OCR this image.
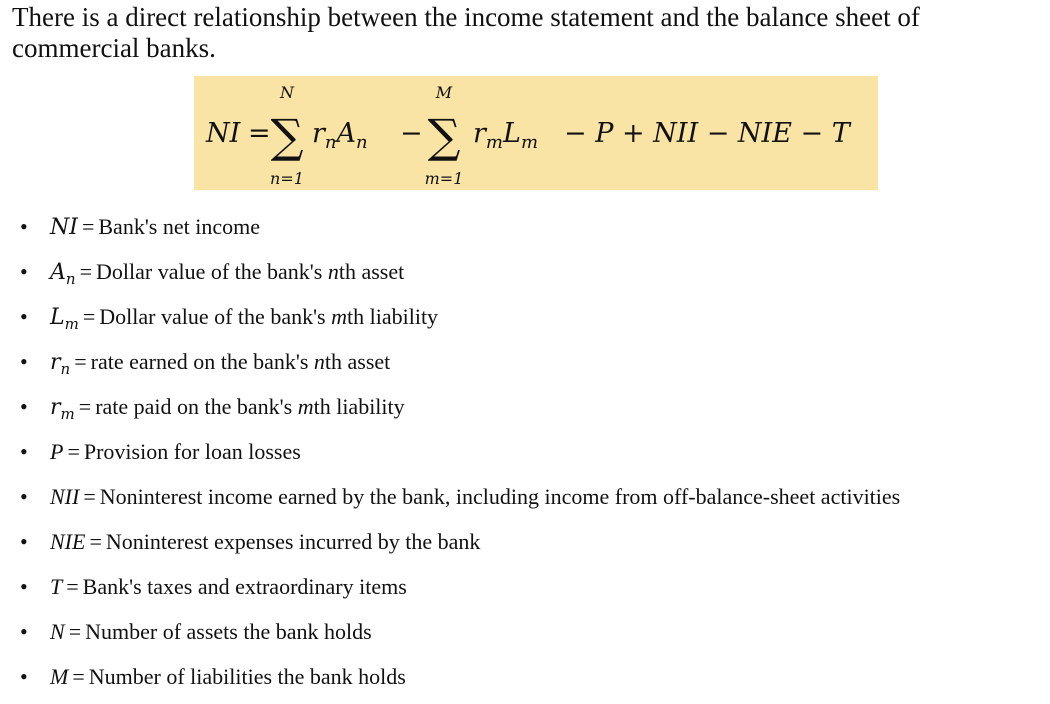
There is a direct relationship between the income statement and the balance sheet of commercial banks.

NI =
N
∑
n=1
$r_nA_n$ −
M
∑
m=1
$r_mL_m - P$ + NII − NIE − T
• NI = Bank's net income
• $A_n$ = Dollar value of the bank's nth asset
• $L_m$ = Dollar value of the bank's mth liability
• $r_n$ = rate earned on the bank's nth asset
• $r_m$ = rate paid on the bank's mth liability
• P = Provision for loan losses
• NII = Noninterest income earned by the bank, including income from off-balance-sheet activities
• NIE = Noninterest expenses incurred by the bank
• T = Bank's taxes and extraordinary items
• N = Number of assets the bank holds
• M = Number of liabilities the bank holds
